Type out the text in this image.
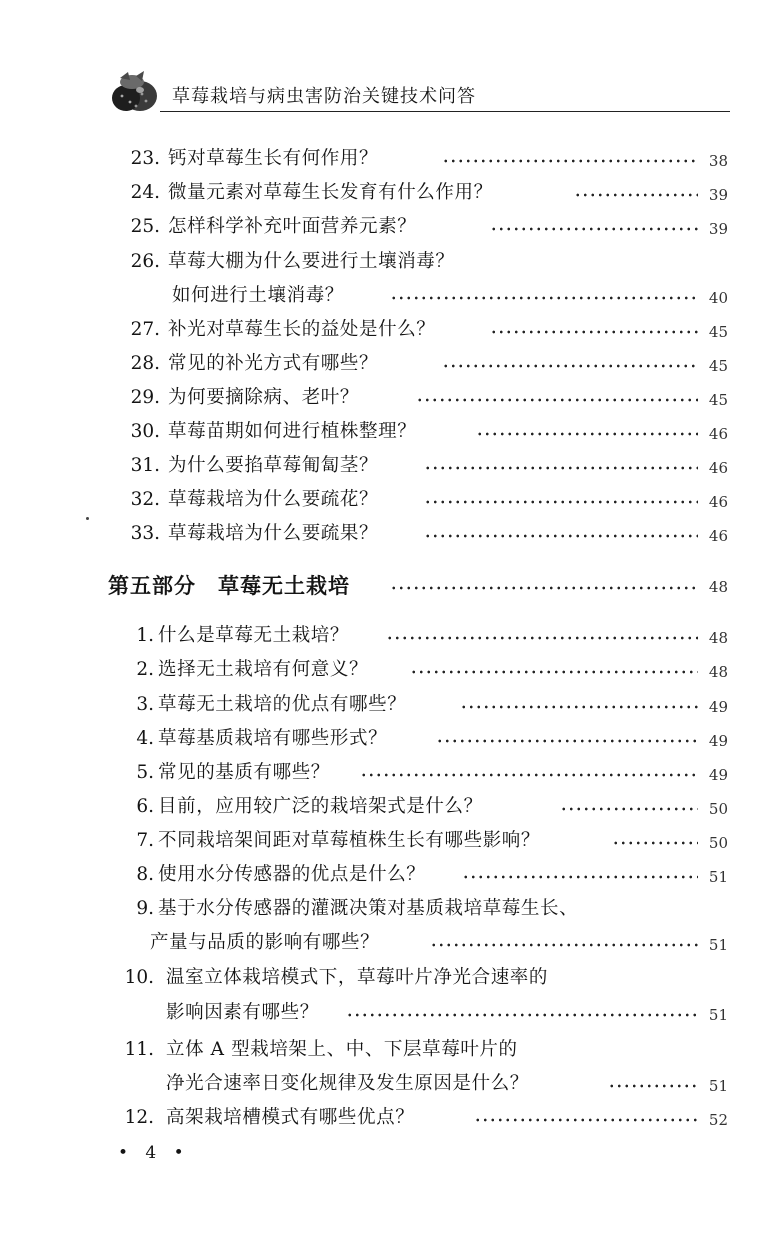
草莓栽培与病虫害防治关键技术问答
23. 钙对草莓生长有何作用？	38
24. 微量元素对草莓生长发育有什么作用？	39
25. 怎样科学补充叶面营养元素？	39
26. 草莓大棚为什么要进行土壤消毒？
如何进行土壤消毒？	40
27. 补光对草莓生长的益处是什么？	45
28. 常见的补光方式有哪些？	45
29. 为何要摘除病、老叶？	45
30. 草莓苗期如何进行植株整理？	46
31. 为什么要掐草莓匍匐茎？	46
32. 草莓栽培为什么要疏花？	46
33. 草莓栽培为什么要疏果？	46
第五部分　草莓无土栽培	48
1. 什么是草莓无土栽培？	48
2. 选择无土栽培有何意义？	48
3. 草莓无土栽培的优点有哪些？	49
4. 草莓基质栽培有哪些形式？	49
5. 常见的基质有哪些？	49
6. 目前，应用较广泛的栽培架式是什么？	50
7. 不同栽培架间距对草莓植株生长有哪些影响？	50
8. 使用水分传感器的优点是什么？	51
9. 基于水分传感器的灌溉决策对基质栽培草莓生长、
产量与品质的影响有哪些？	51
10. 温室立体栽培模式下，草莓叶片净光合速率的
影响因素有哪些？	51
11. 立体 A 型栽培架上、中、下层草莓叶片的
净光合速率日变化规律及发生原因是什么？	51
12. 高架栽培槽模式有哪些优点？	52
• 4 •
